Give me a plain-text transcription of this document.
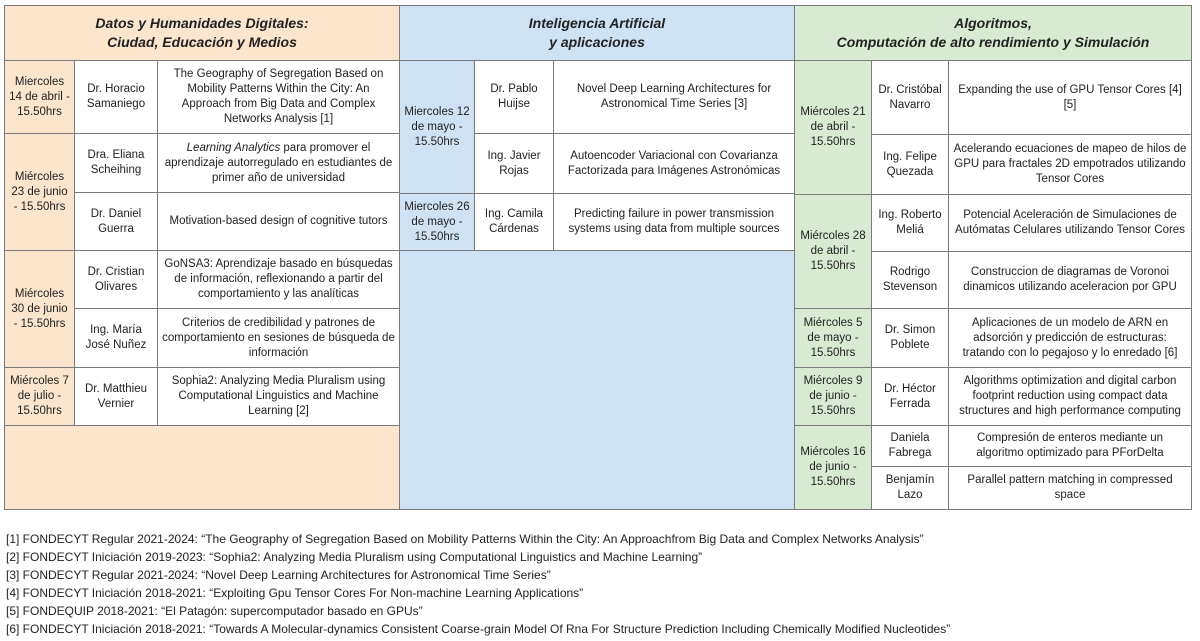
Datos y Humanidades Digitales:
Ciudad, Educación y Medios
Inteligencia Artificial
y aplicaciones
Algoritmos,
Computación de alto rendimiento y Simulación
Miercoles 14 de abril - 15.50hrs
Dr. Horacio Samaniego
The Geography of Segregation Based on Mobility Patterns Within the City: An Approach from Big Data and Complex Networks Analysis [1]
Miércoles 23 de junio - 15.50hrs
Dra. Eliana Scheihing
Learning Analytics para promover el aprendizaje autorregulado en estudiantes de primer año de universidad
Dr. Daniel Guerra
Motivation-based design of cognitive tutors
Miércoles 30 de junio - 15.50hrs
Dr. Cristian Olivares
GoNSA3: Aprendizaje basado en búsquedas de información, reflexionando a partir del comportamiento y las analíticas
Ing. María José Nuñez
Criterios de credibilidad y patrones de comportamiento en sesiones de búsqueda de información
Miércoles 7 de julio - 15.50hrs
Dr. Matthieu Vernier
Sophia2: Analyzing Media Pluralism using Computational Linguistics and Machine Learning [2]
Miercoles 12 de mayo - 15.50hrs
Dr. Pablo Huijse
Novel Deep Learning Architectures for Astronomical Time Series [3]
Ing. Javier Rojas
Autoencoder Variacional con Covarianza Factorizada para Imágenes Astronómicas
Miercoles 26 de mayo - 15.50hrs
Ing. Camila Cárdenas
Predicting failure in power transmission systems using data from multiple sources
Miércoles 21 de abril - 15.50hrs
Dr. Cristóbal Navarro
Expanding the use of GPU Tensor Cores [4][5]
Ing. Felipe Quezada
Acelerando ecuaciones de mapeo de hilos de GPU para fractales 2D empotrados utilizando Tensor Cores
Miércoles 28 de abril - 15.50hrs
Ing. Roberto Meliá
Potencial Aceleración de Simulaciones de Autómatas Celulares utilizando Tensor Cores
Rodrigo Stevenson
Construccion de diagramas de Voronoi dinamicos utilizando aceleracion por GPU
Miércoles 5 de mayo - 15.50hrs
Dr. Simon Poblete
Aplicaciones de un modelo de ARN en adsorción y predicción de estructuras: tratando con lo pegajoso y lo enredado [6]
Miércoles 9 de junio - 15.50hrs
Dr. Héctor Ferrada
Algorithms optimization and digital carbon footprint reduction using compact data structures and high performance computing
Miércoles 16 de junio - 15.50hrs
Daniela Fabrega
Compresión de enteros mediante un algoritmo optimizado para PForDelta
Benjamín Lazo
Parallel pattern matching in compressed space
[1] FONDECYT Regular 2021-2024: “The Geography of Segregation Based on Mobility Patterns Within the City: An Approachfrom Big Data and Complex Networks Analysis”
[2] FONDECYT Iniciación 2019-2023: “Sophia2: Analyzing Media Pluralism using Computational Linguistics and Machine Learning”
[3] FONDECYT Regular 2021-2024: “Novel Deep Learning Architectures for Astronomical Time Series”
[4] FONDECYT Iniciación 2018-2021: “Exploiting Gpu Tensor Cores For Non-machine Learning Applications”
[5] FONDEQUIP 2018-2021: “El Patagón: supercomputador basado en GPUs”
[6] FONDECYT Iniciación 2018-2021: “Towards A Molecular-dynamics Consistent Coarse-grain Model Of Rna For Structure Prediction Including Chemically Modified Nucleotides”
